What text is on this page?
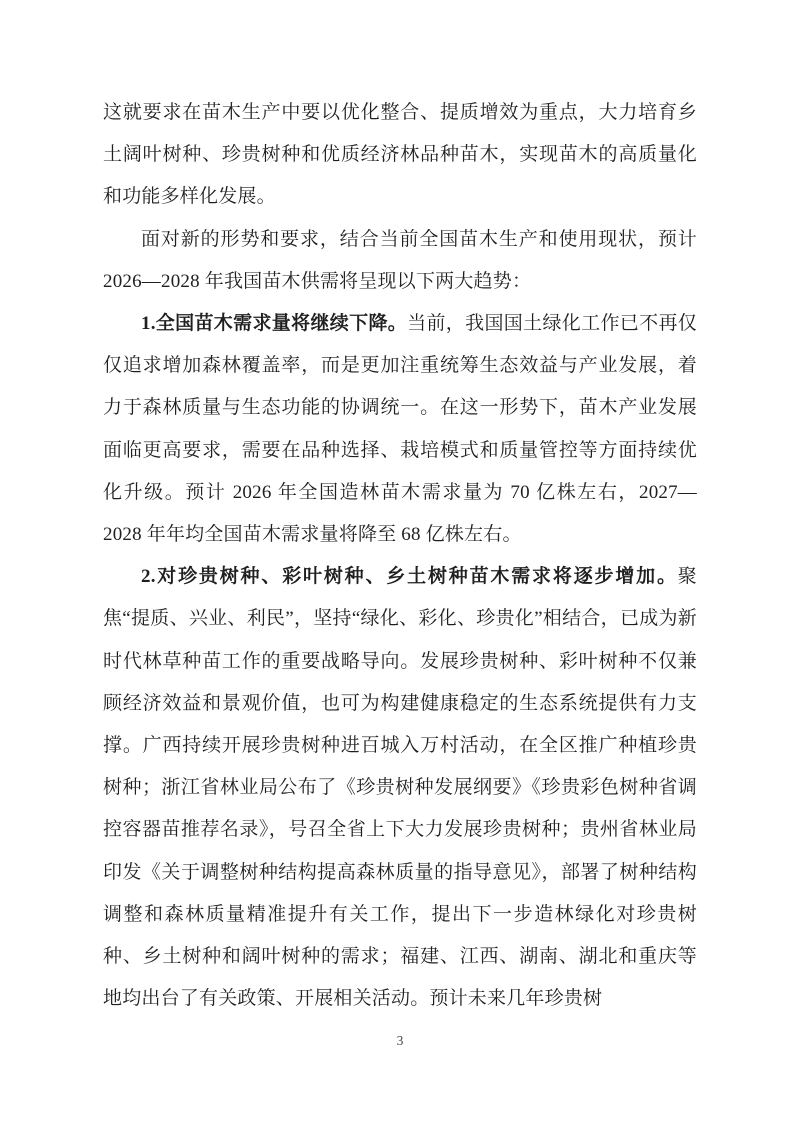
这就要求在苗木生产中要以优化整合、提质增效为重点，大力培育乡土阔叶树种、珍贵树种和优质经济林品种苗木，实现苗木的高质量化和功能多样化发展。

面对新的形势和要求，结合当前全国苗木生产和使用现状，预计 2026—2028 年我国苗木供需将呈现以下两大趋势：

1.全国苗木需求量将继续下降。当前，我国国土绿化工作已不再仅仅追求增加森林覆盖率，而是更加注重统筹生态效益与产业发展，着力于森林质量与生态功能的协调统一。在这一形势下，苗木产业发展面临更高要求，需要在品种选择、栽培模式和质量管控等方面持续优化升级。预计 2026 年全国造林苗木需求量为 70 亿株左右，2027—2028 年年均全国苗木需求量将降至 68 亿株左右。

2.对珍贵树种、彩叶树种、乡土树种苗木需求将逐步增加。聚焦“提质、兴业、利民”，坚持“绿化、彩化、珍贵化”相结合，已成为新时代林草种苗工作的重要战略导向。发展珍贵树种、彩叶树种不仅兼顾经济效益和景观价值，也可为构建健康稳定的生态系统提供有力支撑。广西持续开展珍贵树种进百城入万村活动，在全区推广种植珍贵树种；浙江省林业局公布了《珍贵树种发展纲要》《珍贵彩色树种省调控容器苗推荐名录》，号召全省上下大力发展珍贵树种；贵州省林业局印发《关于调整树种结构提高森林质量的指导意见》，部署了树种结构调整和森林质量精准提升有关工作，提出下一步造林绿化对珍贵树种、乡土树种和阔叶树种的需求；福建、江西、湖南、湖北和重庆等地均出台了有关政策、开展相关活动。预计未来几年珍贵树

3
